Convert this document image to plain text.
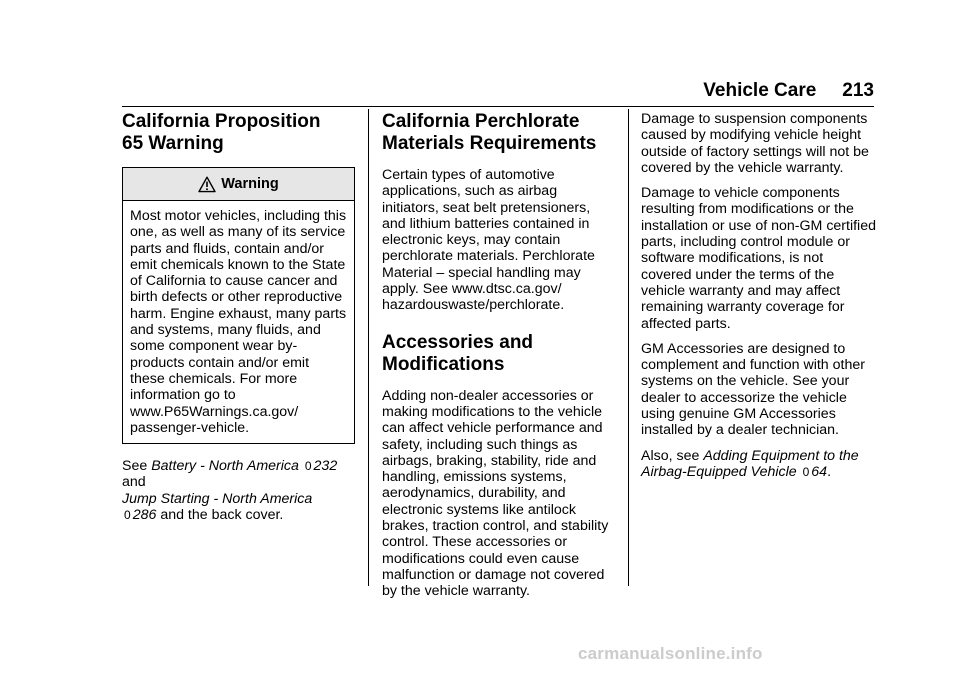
Vehicle Care 213
California Proposition
65 Warning
Warning
Most motor vehicles, including this one, as well as many of its service parts and fluids, contain and/or emit chemicals known to the State of California to cause cancer and birth defects or other reproductive harm. Engine exhaust, many parts and systems, many fluids, and some component wear by-products contain and/or emit these chemicals. For more information go to www.P65Warnings.ca.gov/ passenger-vehicle.
See Battery - North America 0 232
and
Jump Starting - North America
0 286 and the back cover.
California Perchlorate
Materials Requirements

Certain types of automotive applications, such as airbag initiators, seat belt pretensioners, and lithium batteries contained in electronic keys, may contain perchlorate materials. Perchlorate Material – special handling may apply. See www.dtsc.ca.gov/ hazardouswaste/perchlorate.

Accessories and
Modifications

Adding non-dealer accessories or making modifications to the vehicle can affect vehicle performance and safety, including such things as airbags, braking, stability, ride and handling, emissions systems, aerodynamics, durability, and electronic systems like antilock brakes, traction control, and stability control. These accessories or modifications could even cause malfunction or damage not covered by the vehicle warranty.

Damage to suspension components caused by modifying vehicle height outside of factory settings will not be covered by the vehicle warranty.

Damage to vehicle components resulting from modifications or the installation or use of non-GM certified parts, including control module or software modifications, is not covered under the terms of the vehicle warranty and may affect remaining warranty coverage for affected parts.

GM Accessories are designed to complement and function with other systems on the vehicle. See your dealer to accessorize the vehicle using genuine GM Accessories installed by a dealer technician.

Also, see Adding Equipment to the Airbag-Equipped Vehicle 0 64.

carmanualsonline.info
